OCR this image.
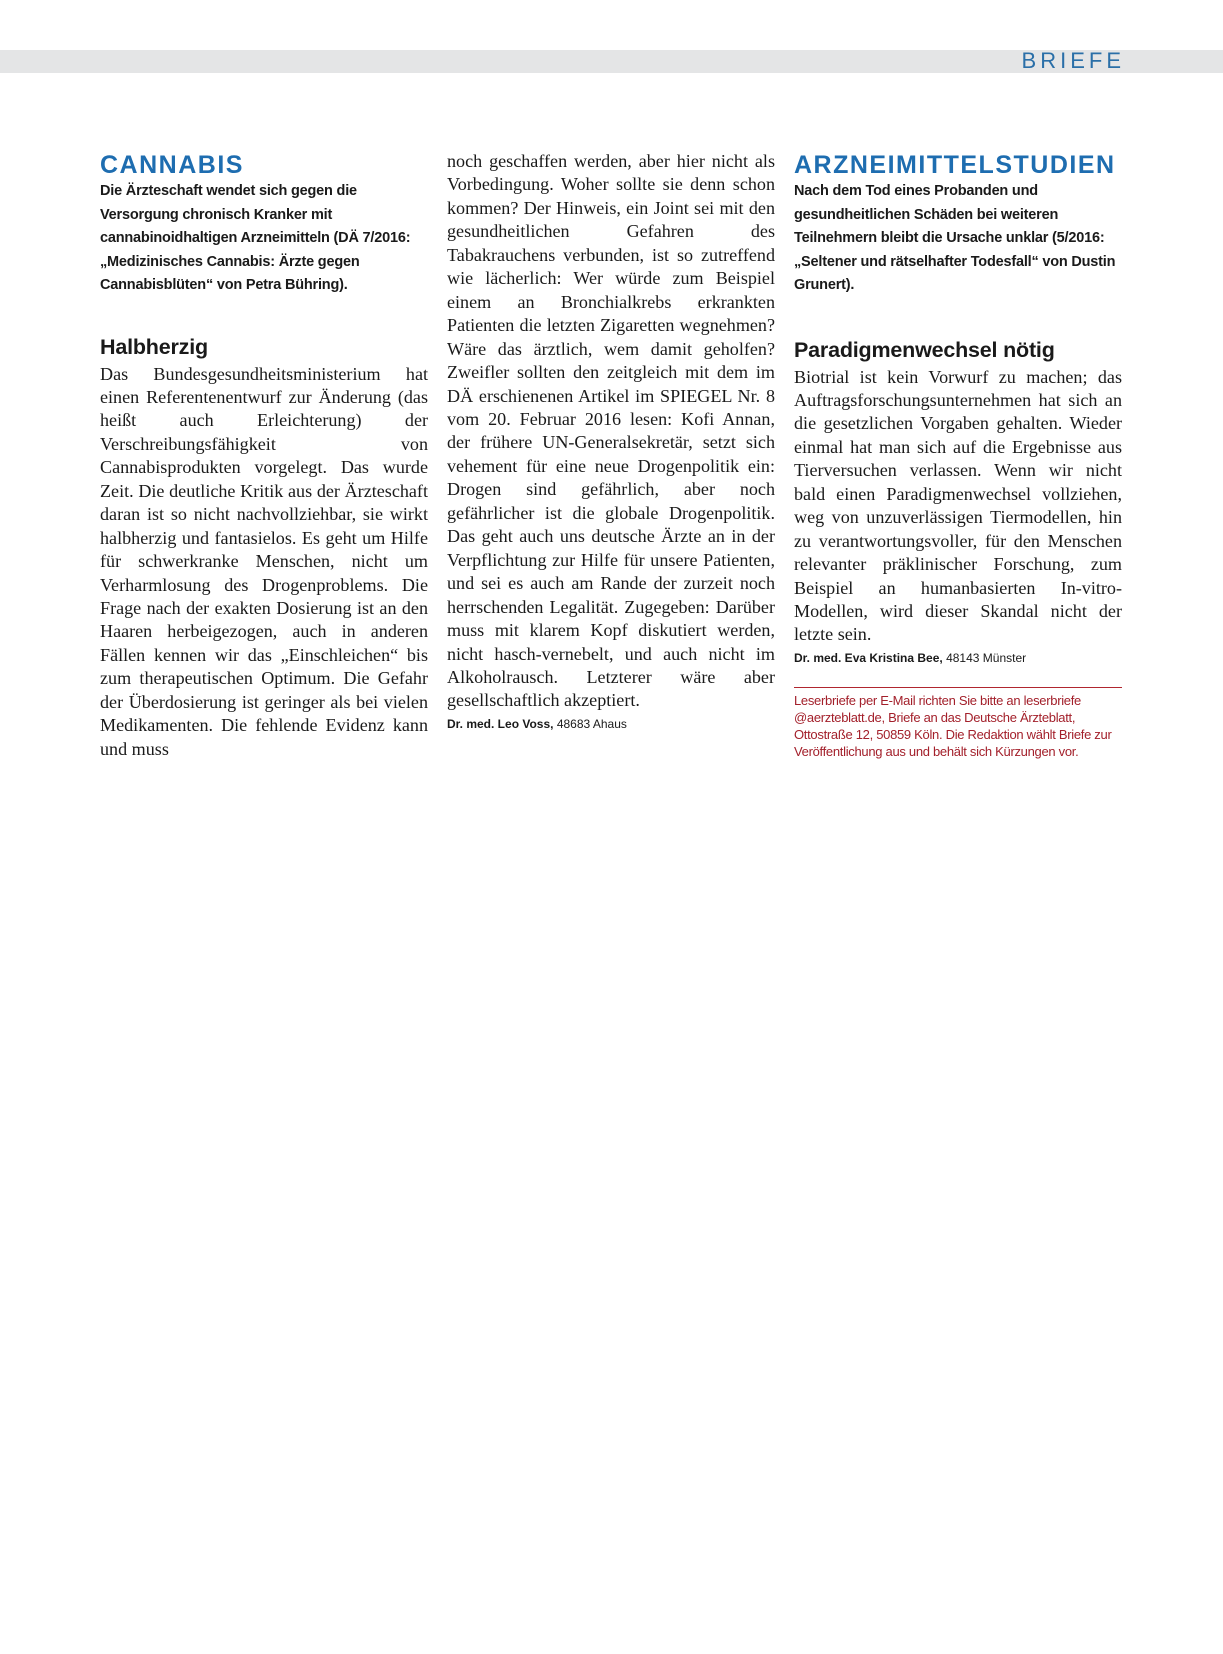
BRIEFE
CANNABIS

Die Ärzteschaft wendet sich gegen die Versorgung chronisch Kranker mit cannabinoidhaltigen Arzneimitteln (DÄ 7/2016: „Medizinisches Cannabis: Ärzte gegen Cannabisblüten“ von Petra Bühring).

Halbherzig

Das Bundesgesundheitsministerium hat einen Referentenentwurf zur Änderung (das heißt auch Erleichterung) der Verschreibungsfähigkeit von Cannabisprodukten vorgelegt. Das wurde Zeit. Die deutliche Kritik aus der Ärzteschaft daran ist so nicht nachvollziehbar, sie wirkt halbherzig und fantasielos. Es geht um Hilfe für schwerkranke Menschen, nicht um Verharmlosung des Drogenproblems. Die Frage nach der exakten Dosierung ist an den Haaren herbeigezogen, auch in anderen Fällen kennen wir das „Einschleichen“ bis zum therapeutischen Optimum. Die Gefahr der Überdosierung ist geringer als bei vielen Medikamenten. Die fehlende Evidenz kann und muss

noch geschaffen werden, aber hier nicht als Vorbedingung. Woher sollte sie denn schon kommen? Der Hinweis, ein Joint sei mit den gesundheitlichen Gefahren des Tabakrauchens verbunden, ist so zutreffend wie lächerlich: Wer würde zum Beispiel einem an Bronchialkrebs erkrankten Patienten die letzten Zigaretten wegnehmen? Wäre das ärztlich, wem damit geholfen? Zweifler sollten den zeitgleich mit dem im DÄ erschienenen Artikel im SPIEGEL Nr. 8 vom 20. Februar 2016 lesen: Kofi Annan, der frühere UN-Generalsekretär, setzt sich vehement für eine neue Drogenpolitik ein: Drogen sind gefährlich, aber noch gefährlicher ist die globale Drogenpolitik. Das geht auch uns deutsche Ärzte an in der Verpflichtung zur Hilfe für unsere Patienten, und sei es auch am Rande der zurzeit noch herrschenden Legalität. Zugegeben: Darüber muss mit klarem Kopf diskutiert werden, nicht hasch-vernebelt, und auch nicht im Alkoholrausch. Letzterer wäre aber gesellschaftlich akzeptiert.

Dr. med. Leo Voss, 48683 Ahaus

ARZNEIMITTELSTUDIEN

Nach dem Tod eines Probanden und gesundheitlichen Schäden bei weiteren Teilnehmern bleibt die Ursache unklar (5/2016: „Seltener und rätselhafter Todesfall“ von Dustin Grunert).

Paradigmenwechsel nötig

Biotrial ist kein Vorwurf zu machen; das Auftragsforschungsunternehmen hat sich an die gesetzlichen Vorgaben gehalten. Wieder einmal hat man sich auf die Ergebnisse aus Tierversuchen verlassen. Wenn wir nicht bald einen Paradigmenwechsel vollziehen, weg von unzuverlässigen Tiermodellen, hin zu verantwortungsvoller, für den Menschen relevanter präklinischer Forschung, zum Beispiel an humanbasierten In-vitro-Modellen, wird dieser Skandal nicht der letzte sein.

Dr. med. Eva Kristina Bee, 48143 Münster

Leserbriefe per E-Mail richten Sie bitte an leserbriefe @aerzteblatt.de, Briefe an das Deutsche Ärzteblatt, Ottostraße 12, 50859 Köln. Die Redaktion wählt Briefe zur Veröffentlichung aus und behält sich Kürzungen vor.
